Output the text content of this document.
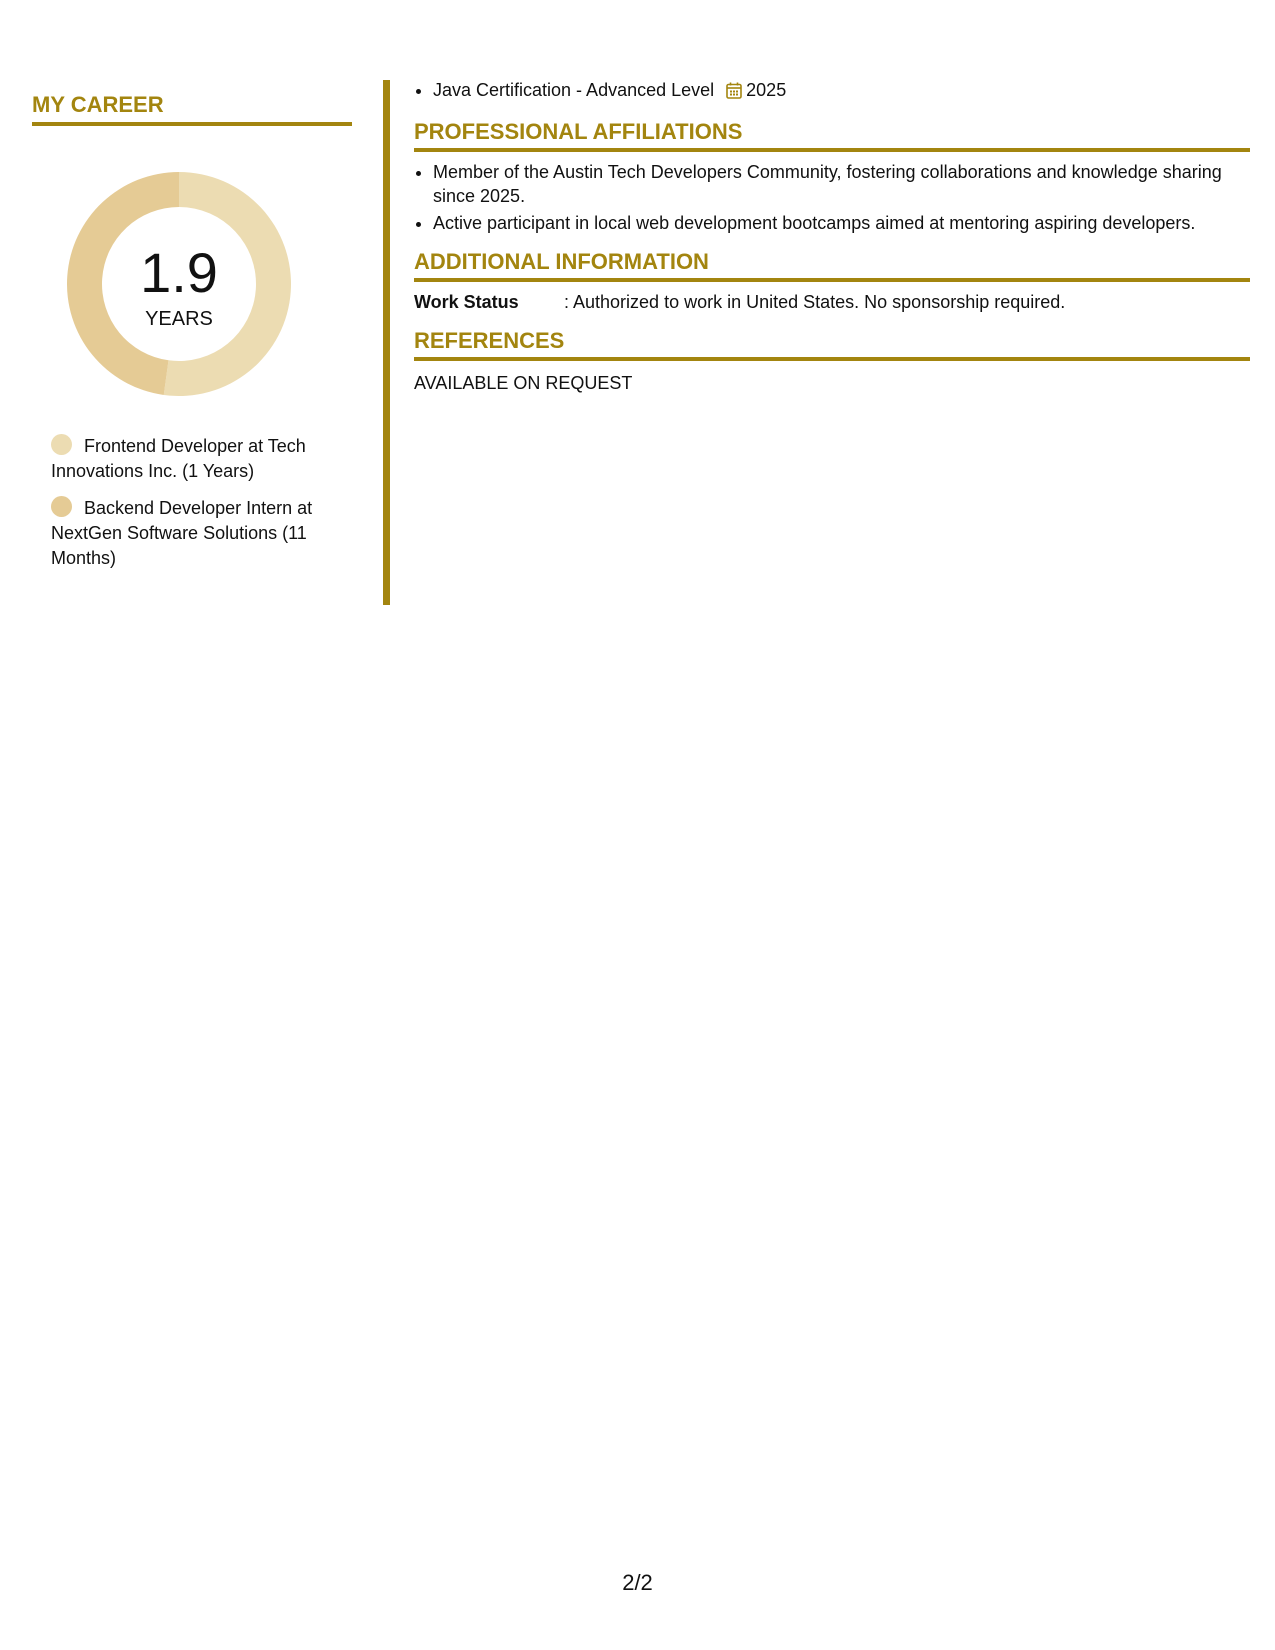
MY CAREER
1.9
YEARS
Frontend Developer at Tech Innovations Inc. (1 Years)
Backend Developer Intern at NextGen Software Solutions (11 Months)
• Java Certification - Advanced Level 2025
PROFESSIONAL AFFILIATIONS
• Member of the Austin Tech Developers Community, fostering collaborations and knowledge sharing since 2025.
• Active participant in local web development bootcamps aimed at mentoring aspiring developers.
ADDITIONAL INFORMATION
Work Status	: Authorized to work in United States. No sponsorship required.
REFERENCES
AVAILABLE ON REQUEST
2/2
